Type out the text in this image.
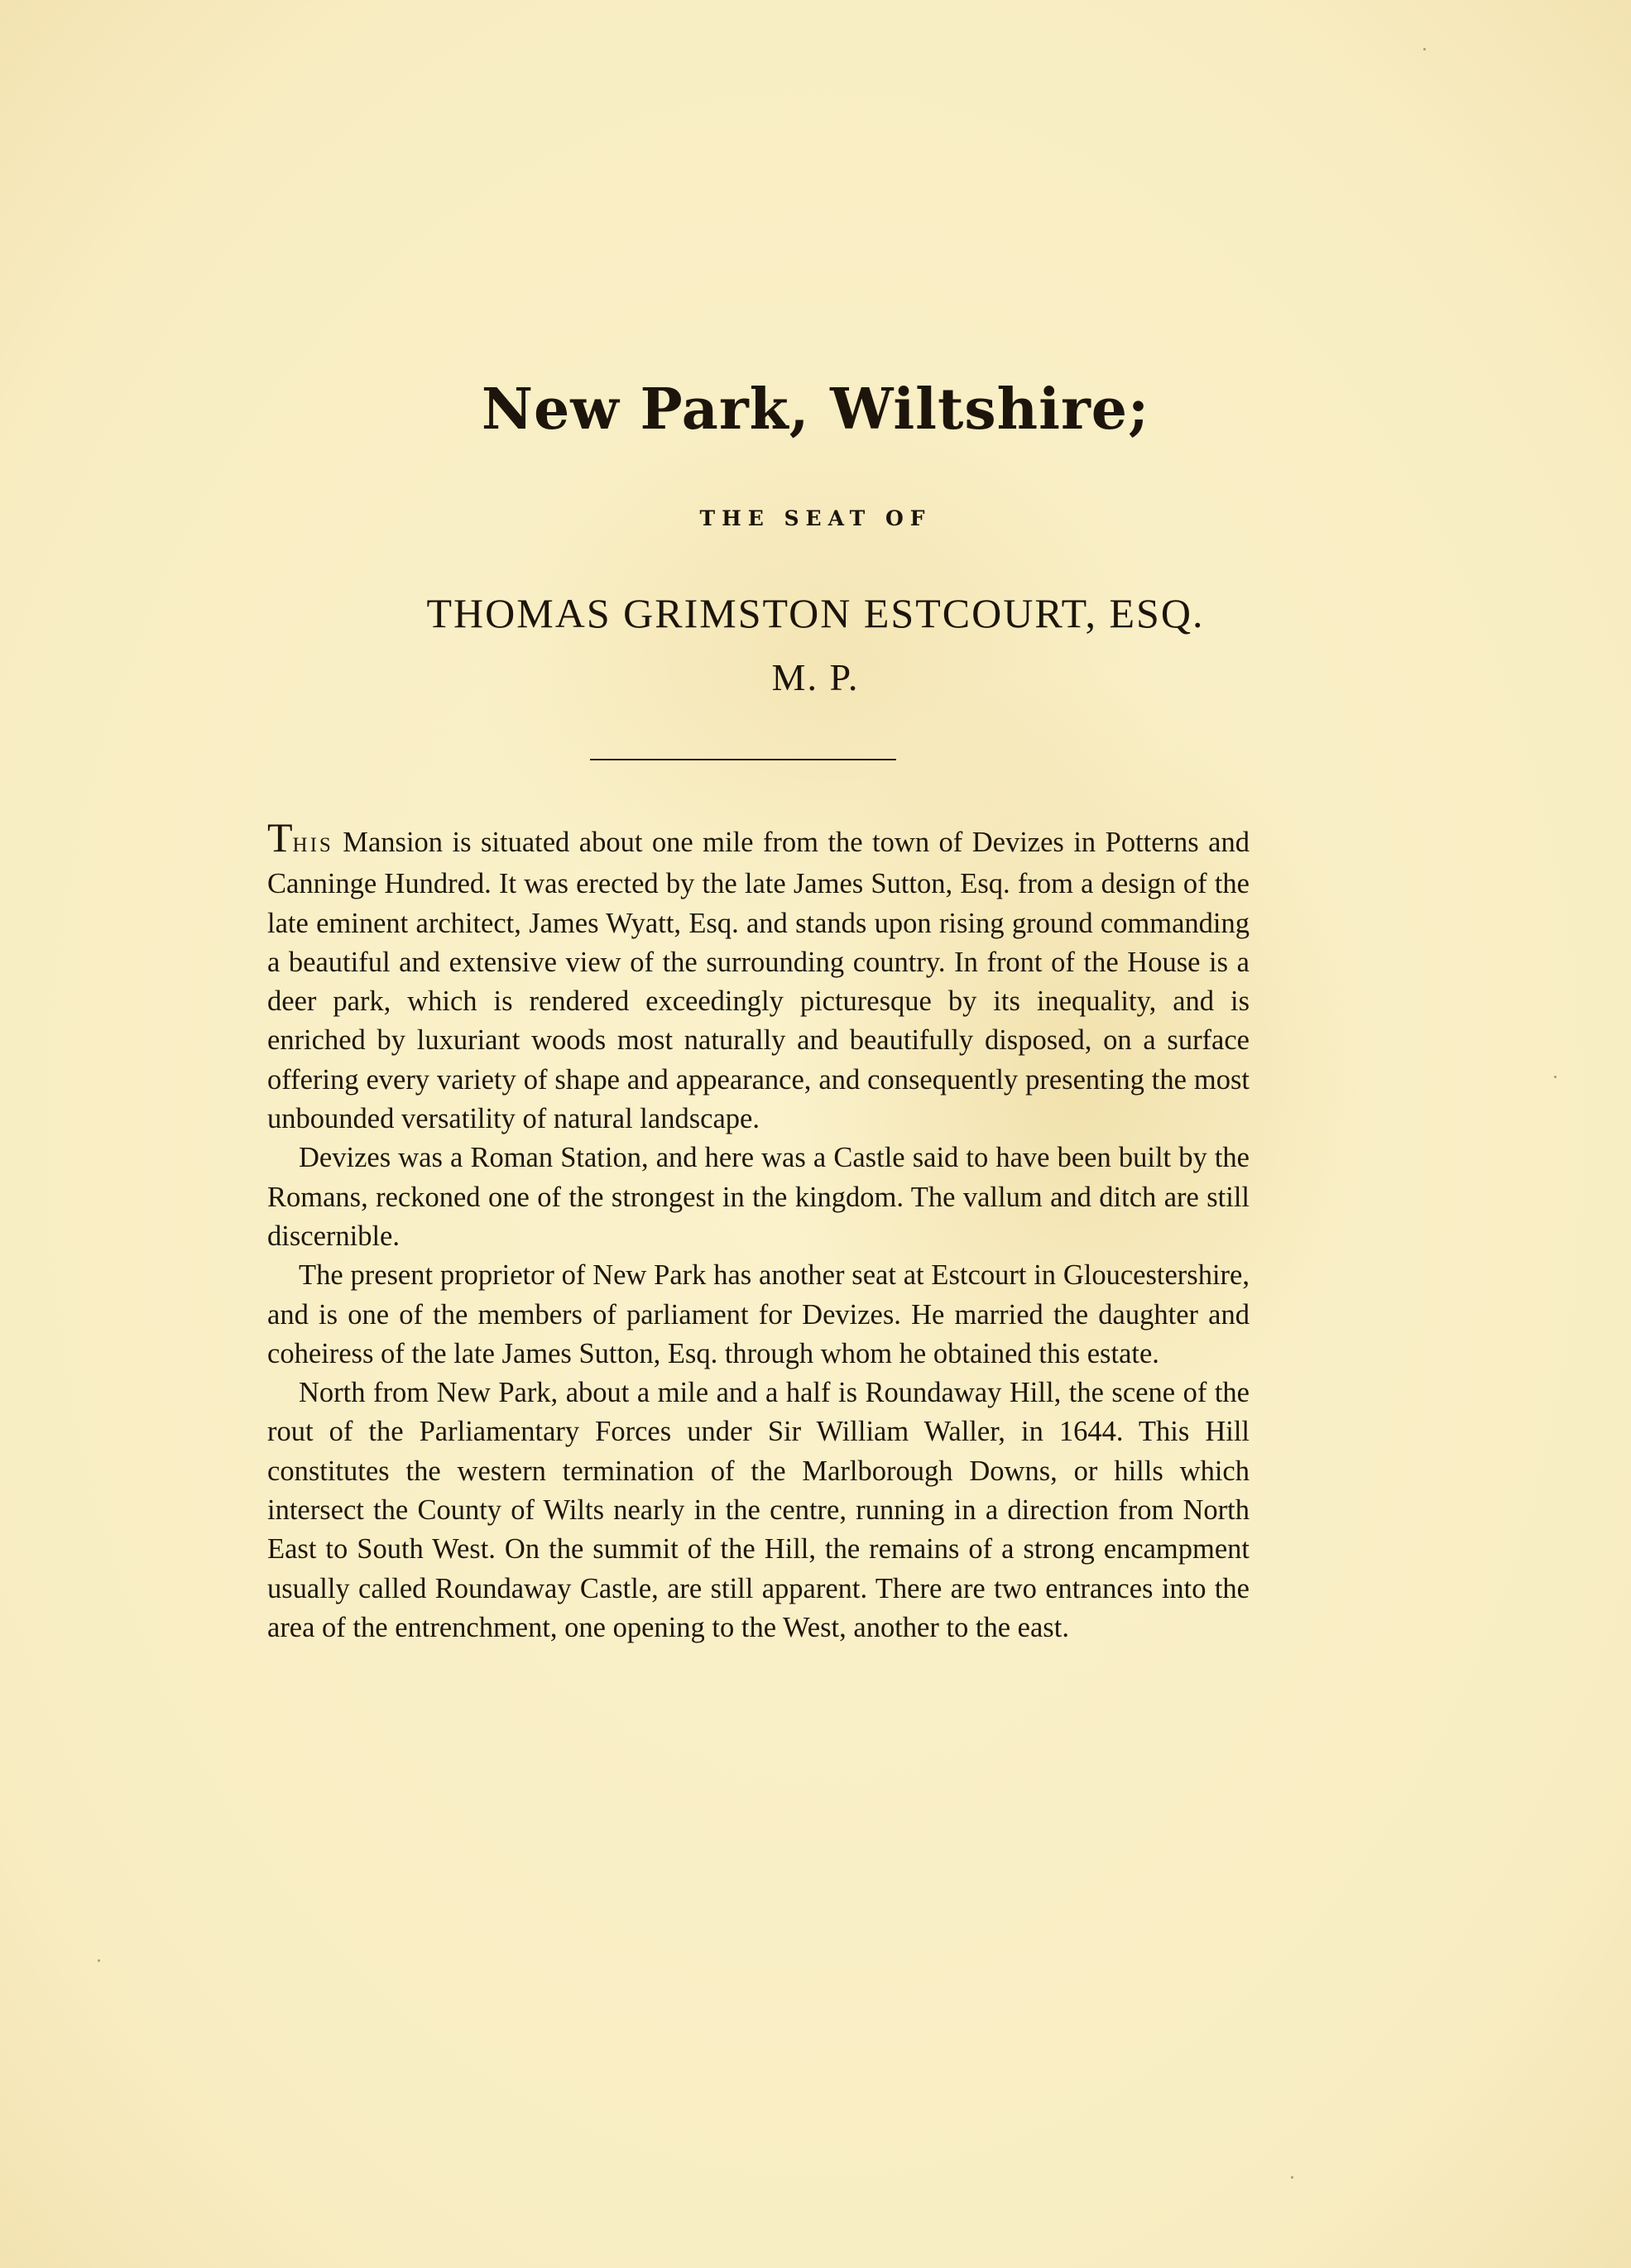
New Park, Wiltshire;
THE SEAT OF
THOMAS GRIMSTON ESTCOURT, ESQ.
M. P.

THIS Mansion is situated about one mile from the town of Devizes in Potterns and Canninge Hundred. It was erected by the late James Sutton, Esq. from a design of the late eminent architect, James Wyatt, Esq. and stands upon rising ground commanding a beautiful and extensive view of the surrounding country. In front of the House is a deer park, which is rendered exceedingly picturesque by its inequality, and is enriched by luxuriant woods most naturally and beautifully disposed, on a surface offering every variety of shape and appearance, and consequently presenting the most unbounded versatility of natural landscape.

Devizes was a Roman Station, and here was a Castle said to have been built by the Romans, reckoned one of the strongest in the kingdom. The vallum and ditch are still discernible.

The present proprietor of New Park has another seat at Estcourt in Gloucestershire, and is one of the members of parliament for Devizes. He married the daughter and coheiress of the late James Sutton, Esq. through whom he obtained this estate.

North from New Park, about a mile and a half is Roundaway Hill, the scene of the rout of the Parliamentary Forces under Sir William Waller, in 1644. This Hill constitutes the western termination of the Marlborough Downs, or hills which intersect the County of Wilts nearly in the centre, running in a direction from North East to South West. On the summit of the Hill, the remains of a strong encampment usually called Roundaway Castle, are still apparent. There are two entrances into the area of the entrenchment, one opening to the West, another to the east.
